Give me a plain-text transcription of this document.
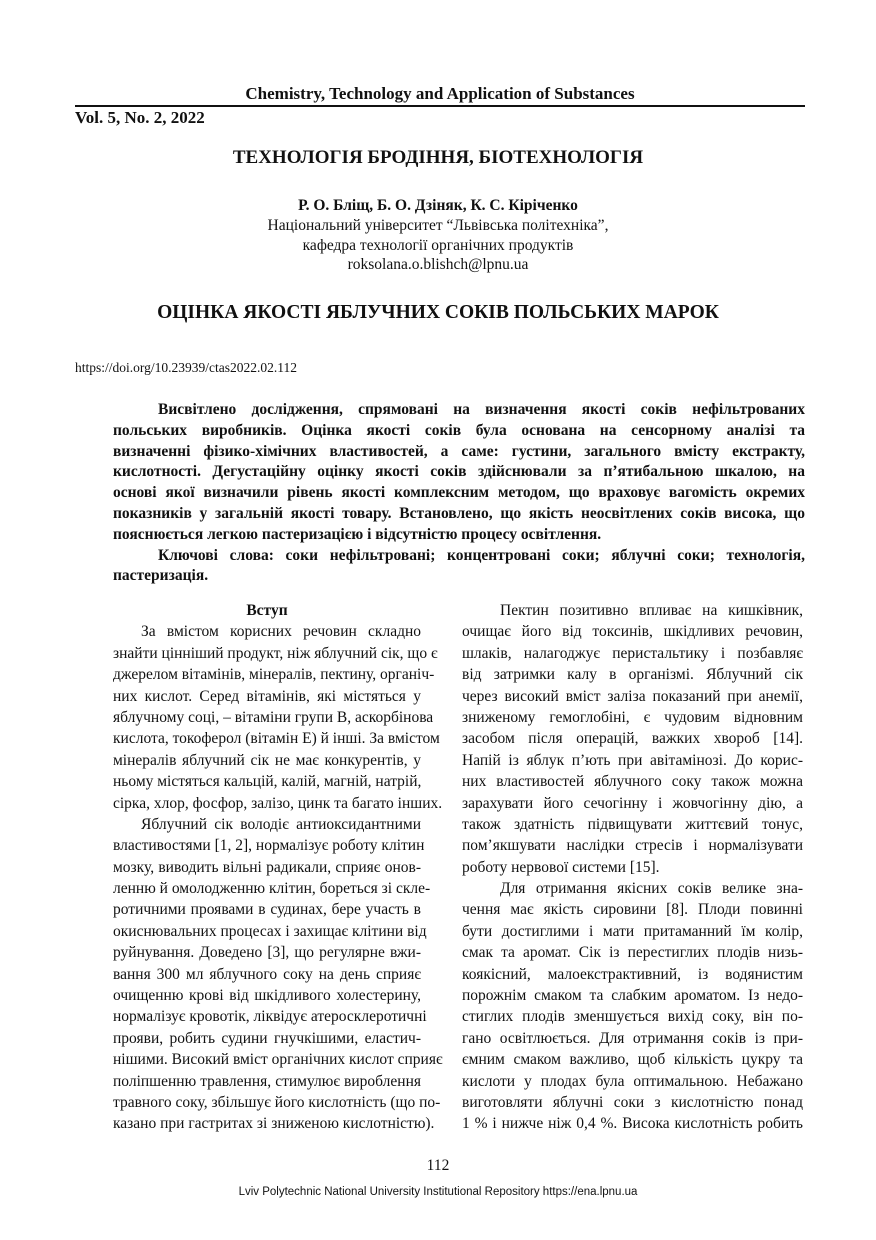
Chemistry, Technology and Application of Substances
Vol. 5, No. 2, 2022
ТЕХНОЛОГІЯ БРОДІННЯ, БІОТЕХНОЛОГІЯ
Р. О. Бліщ, Б. О. Дзіняк, К. С. Кіріченко
Національний університет “Львівська політехніка”,
кафедра технології органічних продуктів
roksolana.o.blishch@lpnu.ua
ОЦІНКА ЯКОСТІ ЯБЛУЧНИХ СОКІВ ПОЛЬСЬКИХ МАРОК
https://doi.org/10.23939/ctas2022.02.112
Висвітлено дослідження, спрямовані на визначення якості соків нефільтрованих
польських виробників. Оцінка якості соків була основана на сенсорному аналізі та
визначенні фізико-хімічних властивостей, а саме: густини, загального вмісту екстракту,
кислотності. Дегустаційну оцінку якості соків здійснювали за п’ятибальною шкалою, на
основі якої визначили рівень якості комплексним методом, що враховує вагомість окремих
показників у загальній якості товару. Встановлено, що якість неосвітлених соків висока, що
пояснюється легкою пастеризацією і відсутністю процесу освітлення.
Ключові слова: соки нефільтровані; концентровані соки; яблучні соки; технологія,
пастеризація.
Вступ
За вмістом корисних речовин складно
знайти цінніший продукт, ніж яблучний сік, що є
джерелом вітамінів, мінералів, пектину, органіч-
них кислот. Серед вітамінів, які містяться у
яблучному соці, – вітаміни групи В, аскорбінова
кислота, токоферол (вітамін Е) й інші. За вмістом
мінералів яблучний сік не має конкурентів, у
ньому містяться кальцій, калій, магній, натрій,
сірка, хлор, фосфор, залізо, цинк та багато інших.
Яблучний сік володіє антиоксидантними
властивостями [1, 2], нормалізує роботу клітин
мозку, виводить вільні радикали, сприяє онов-
ленню й омолодженню клітин, бореться зі скле-
ротичними проявами в судинах, бере участь в
окиснювальних процесах і захищає клітини від
руйнування. Доведено [3], що регулярне вжи-
вання 300 мл яблучного соку на день сприяє
очищенню крові від шкідливого холестерину,
нормалізує кровотік, ліквідує атеросклеротичні
прояви, робить судини гнучкішими, еластич-
нішими. Високий вміст органічних кислот сприяє
поліпшенню травлення, стимулює вироблення
травного соку, збільшує його кислотність (що по-
казано при гастритах зі зниженою кислотністю).
Пектин позитивно впливає на кишківник,
очищає його від токсинів, шкідливих речовин,
шлаків, налагоджує перистальтику і позбавляє
від затримки калу в організмі. Яблучний сік
через високий вміст заліза показаний при анемії,
зниженому гемоглобіні, є чудовим відновним
засобом після операцій, важких хвороб [14].
Напій із яблук п’ють при авітамінозі. До корис-
них властивостей яблучного соку також можна
зарахувати його сечогінну і жовчогінну дію, а
також здатність підвищувати життєвий тонус,
пом’якшувати наслідки стресів і нормалізувати
роботу нервової системи [15].
Для отримання якісних соків велике зна-
чення має якість сировини [8]. Плоди повинні
бути достиглими і мати притаманний їм колір,
смак та аромат. Сік із перестиглих плодів низь-
коякісний, малоекстрактивний, із водянистим
порожнім смаком та слабким ароматом. Із недо-
стиглих плодів зменшується вихід соку, він по-
гано освітлюється. Для отримання соків із при-
ємним смаком важливо, щоб кількість цукру та
кислоти у плодах була оптимальною. Небажано
виготовляти яблучні соки з кислотністю понад
1 % і нижче ніж 0,4 %. Висока кислотність робить
112
Lviv Polytechnic National University Institutional Repository https://ena.lpnu.ua
